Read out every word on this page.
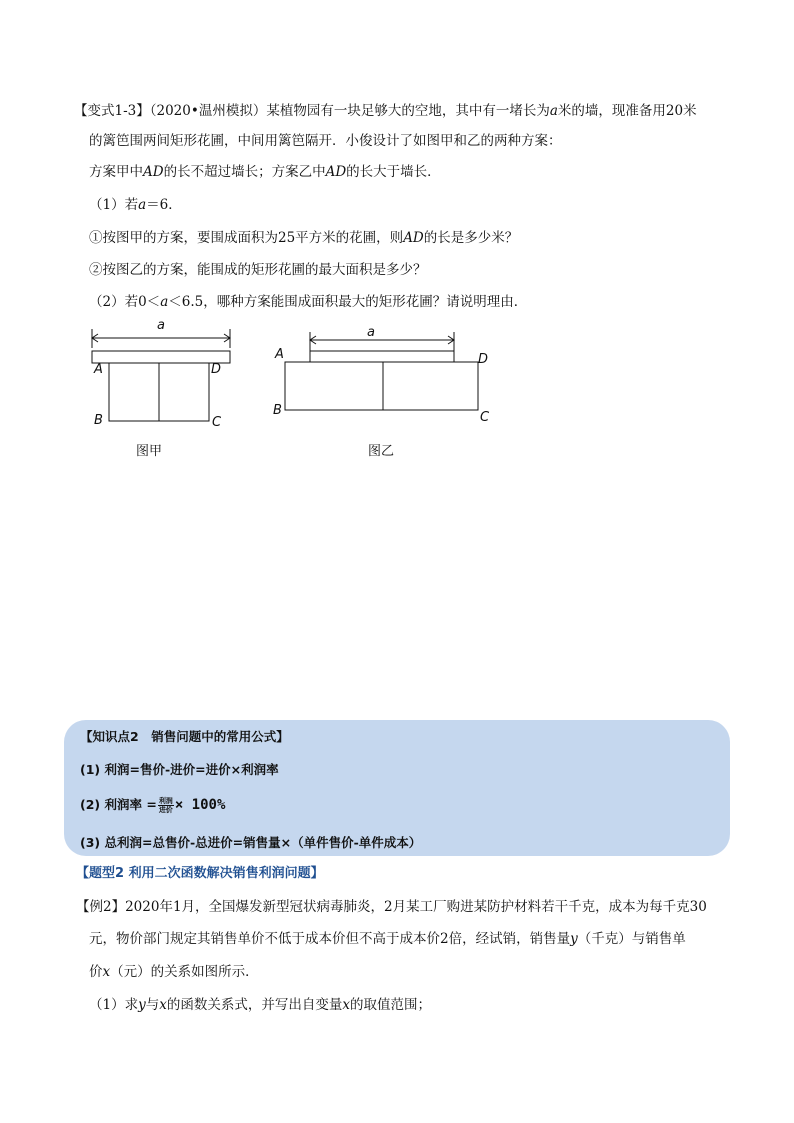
【变式1-3】（2020•温州模拟）某植物园有一块足够大的空地，其中有一堵长为a米的墙，现准备用20米
的篱笆围两间矩形花圃，中间用篱笆隔开．小俊设计了如图甲和乙的两种方案：
方案甲中AD的长不超过墙长；方案乙中AD的长大于墙长．
（1）若a＝6．
①按图甲的方案，要围成面积为25平方米的花圃，则AD的长是多少米？
②按图乙的方案，能围成的矩形花圃的最大面积是多少？
（2）若0＜a＜6.5，哪种方案能围成面积最大的矩形花圃？请说明理由．
a
A	D
B	C
图甲
a
A	D
B	C
图乙
【知识点2　销售问题中的常用公式】
(1) 利润=售价-进价=进价×利润率
(2) 利润率 = $\frac{\text{利润}}{\text{进价}} \times 100\%$
(3) 总利润=总售价-总进价=销售量×（单件售价-单件成本）
【题型2 利用二次函数解决销售利润问题】
【例2】2020年1月，全国爆发新型冠状病毒肺炎，2月某工厂购进某防护材料若干千克，成本为每千克30
元，物价部门规定其销售单价不低于成本价但不高于成本价2倍，经试销，销售量y（千克）与销售单
价x（元）的关系如图所示．
（1）求y与x的函数关系式，并写出自变量x的取值范围；
